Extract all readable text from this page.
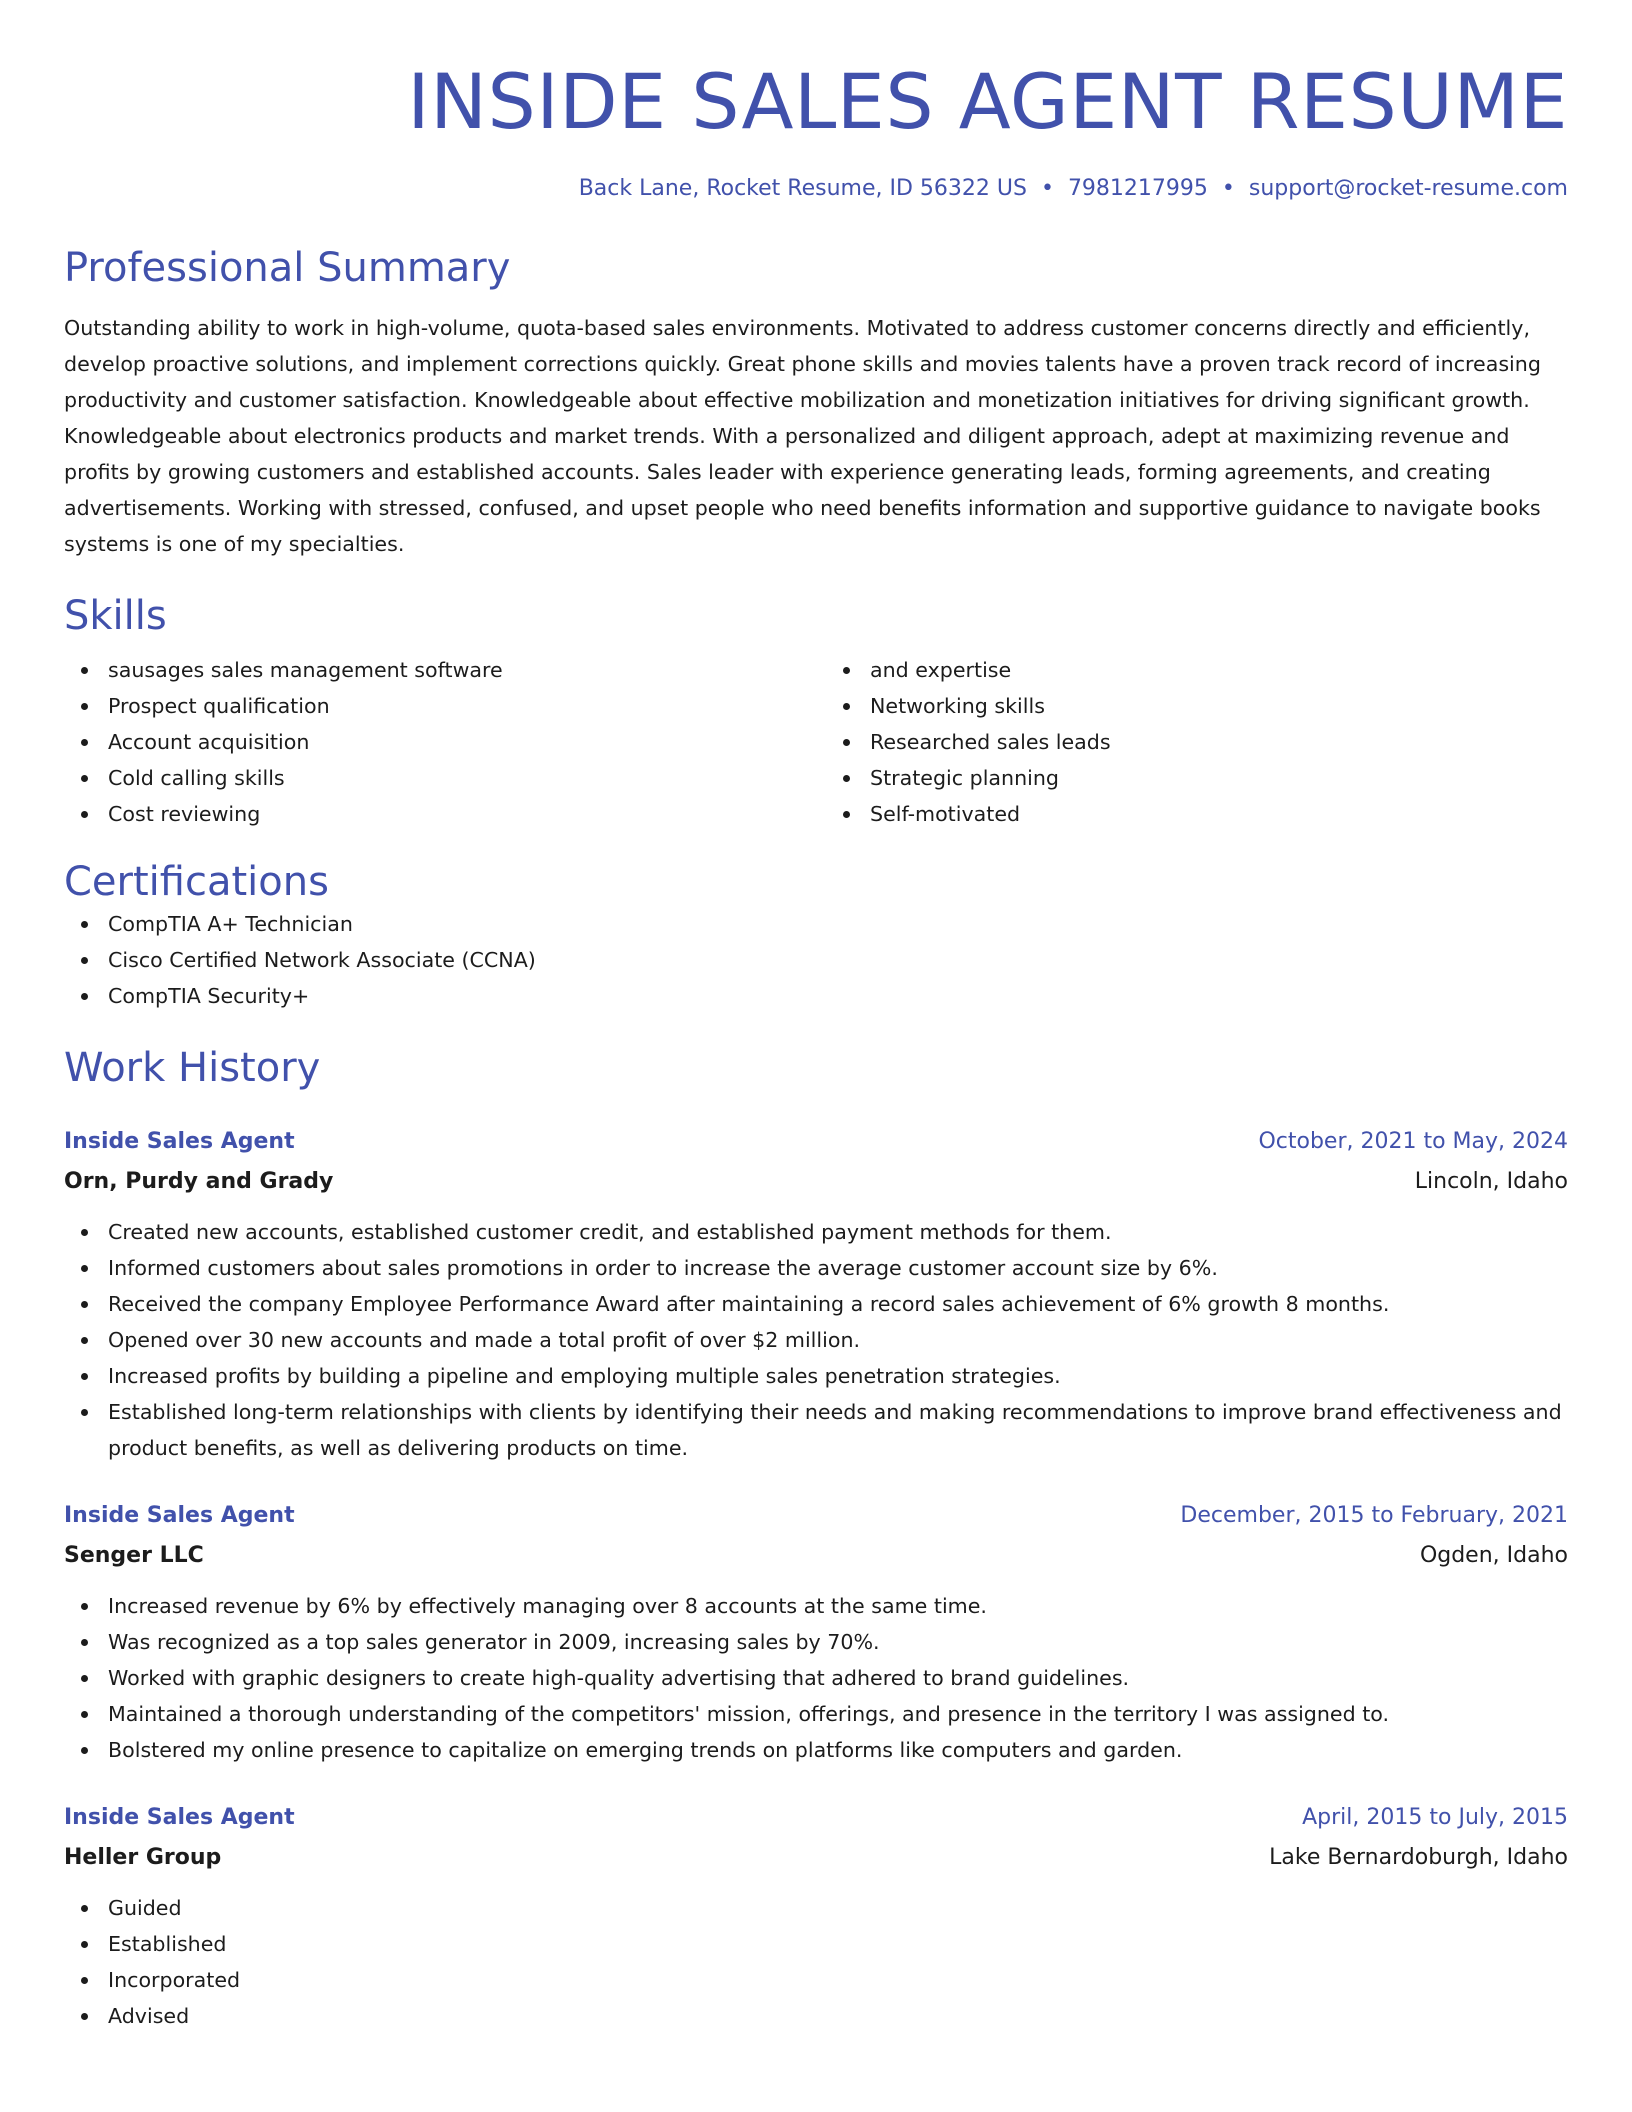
INSIDE SALES AGENT RESUME
Back Lane, Rocket Resume, ID 56322 US • 7981217995 • support@rocket-resume.com
Professional Summary

Outstanding ability to work in high-volume, quota-based sales environments. Motivated to address customer concerns directly and efficiently, develop proactive solutions, and implement corrections quickly. Great phone skills and movies talents have a proven track record of increasing productivity and customer satisfaction. Knowledgeable about effective mobilization and monetization initiatives for driving significant growth. Knowledgeable about electronics products and market trends. With a personalized and diligent approach, adept at maximizing revenue and profits by growing customers and established accounts. Sales leader with experience generating leads, forming agreements, and creating advertisements. Working with stressed, confused, and upset people who need benefits information and supportive guidance to navigate books systems is one of my specialties.

Skills
sausages sales management software
Prospect qualification
Account acquisition
Cold calling skills
Cost reviewing
and expertise
Networking skills
Researched sales leads
Strategic planning
Self-motivated
Certifications
CompTIA A+ Technician
Cisco Certified Network Associate (CCNA)
CompTIA Security+
Work History
Inside Sales Agent	October, 2021 to May, 2024
Orn, Purdy and Grady	Lincoln, Idaho
Created new accounts, established customer credit, and established payment methods for them.
Informed customers about sales promotions in order to increase the average customer account size by 6%.
Received the company Employee Performance Award after maintaining a record sales achievement of 6% growth 8 months.
Opened over 30 new accounts and made a total profit of over $2 million.
Increased profits by building a pipeline and employing multiple sales penetration strategies.
Established long-term relationships with clients by identifying their needs and making recommendations to improve brand effectiveness and product benefits, as well as delivering products on time.
Inside Sales Agent	December, 2015 to February, 2021
Senger LLC	Ogden, Idaho
Increased revenue by 6% by effectively managing over 8 accounts at the same time.
Was recognized as a top sales generator in 2009, increasing sales by 70%.
Worked with graphic designers to create high-quality advertising that adhered to brand guidelines.
Maintained a thorough understanding of the competitors' mission, offerings, and presence in the territory I was assigned to.
Bolstered my online presence to capitalize on emerging trends on platforms like computers and garden.
Inside Sales Agent	April, 2015 to July, 2015
Heller Group	Lake Bernardoburgh, Idaho
Guided
Established
Incorporated
Advised
